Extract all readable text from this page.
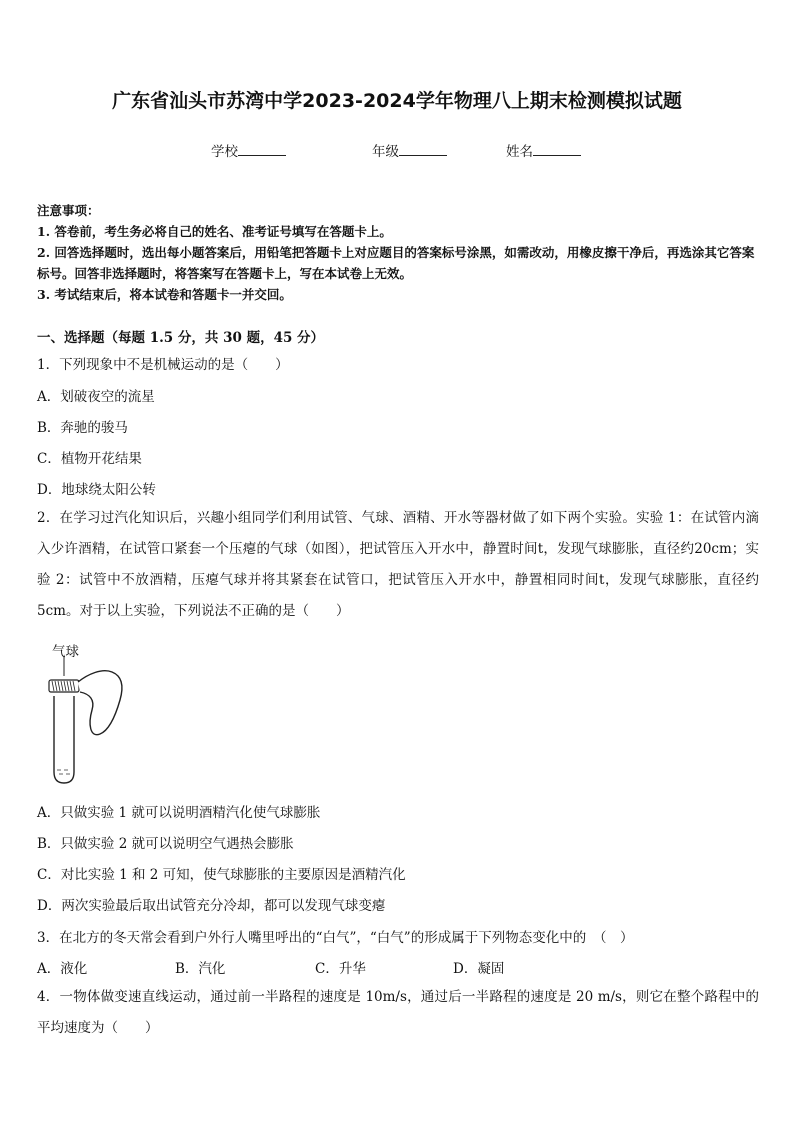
广东省汕头市苏湾中学2023-2024学年物理八上期末检测模拟试题
学校	年级	姓名

注意事项：

1. 答卷前，考生务必将自己的姓名、准考证号填写在答题卡上。

2. 回答选择题时，选出每小题答案后，用铅笔把答题卡上对应题目的答案标号涂黑，如需改动，用橡皮擦干净后，再选涂其它答案标号。回答非选择题时，将答案写在答题卡上，写在本试卷上无效。

3. 考试结束后，将本试卷和答题卡一并交回。

一、选择题（每题 1.5 分，共 30 题，45 分）
1．下列现象中不是机械运动的是（　　）
A．划破夜空的流星
B．奔驰的骏马
C．植物开花结果
D．地球绕太阳公转
2．在学习过汽化知识后，兴趣小组同学们利用试管、气球、酒精、开水等器材做了如下两个实验。实验 1：在试管内滴入少许酒精，在试管口紧套一个压瘪的气球（如图），把试管压入开水中，静置时间t，发现气球膨胀，直径约20cm；实验 2：试管中不放酒精，压瘪气球并将其紧套在试管口，把试管压入开水中，静置相同时间t，发现气球膨胀，直径约 5cm。对于以上实验，下列说法不正确的是（　　）
气球
A．只做实验 1 就可以说明酒精汽化使气球膨胀
B．只做实验 2 就可以说明空气遇热会膨胀
C．对比实验 1 和 2 可知，使气球膨胀的主要原因是酒精汽化
D．两次实验最后取出试管充分冷却，都可以发现气球变瘪
3．在北方的冬天常会看到户外行人嘴里呼出的“白气”，“白气”的形成属于下列物态变化中的　（　）
A．液化	B．汽化	C．升华	D．凝固
4．一物体做变速直线运动，通过前一半路程的速度是 10m/s，通过后一半路程的速度是 20 m/s，则它在整个路程中的平均速度为（　　）
